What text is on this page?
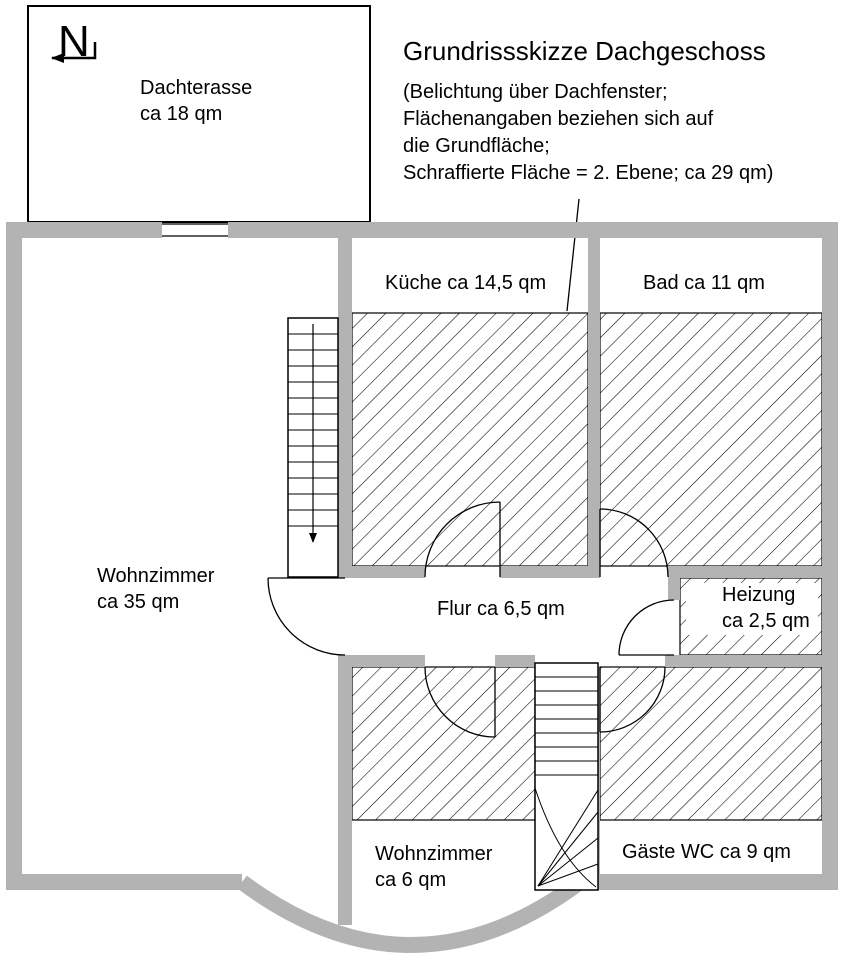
N	Grundrissskizze Dachgeschoss
(Belichtung über Dachfenster;
Flächenangaben beziehen sich auf
die Grundfläche;
Schraffierte Fläche = 2. Ebene; ca 29 qm)
Dachterasse
ca 18 qm
Wohnzimmer
ca 35 qm
Küche ca 14,5 qm	Bad ca 11 qm
Flur ca 6,5 qm
Heizung
ca 2,5 qm
Wohnzimmer
ca 6 qm
Gäste WC ca 9 qm
